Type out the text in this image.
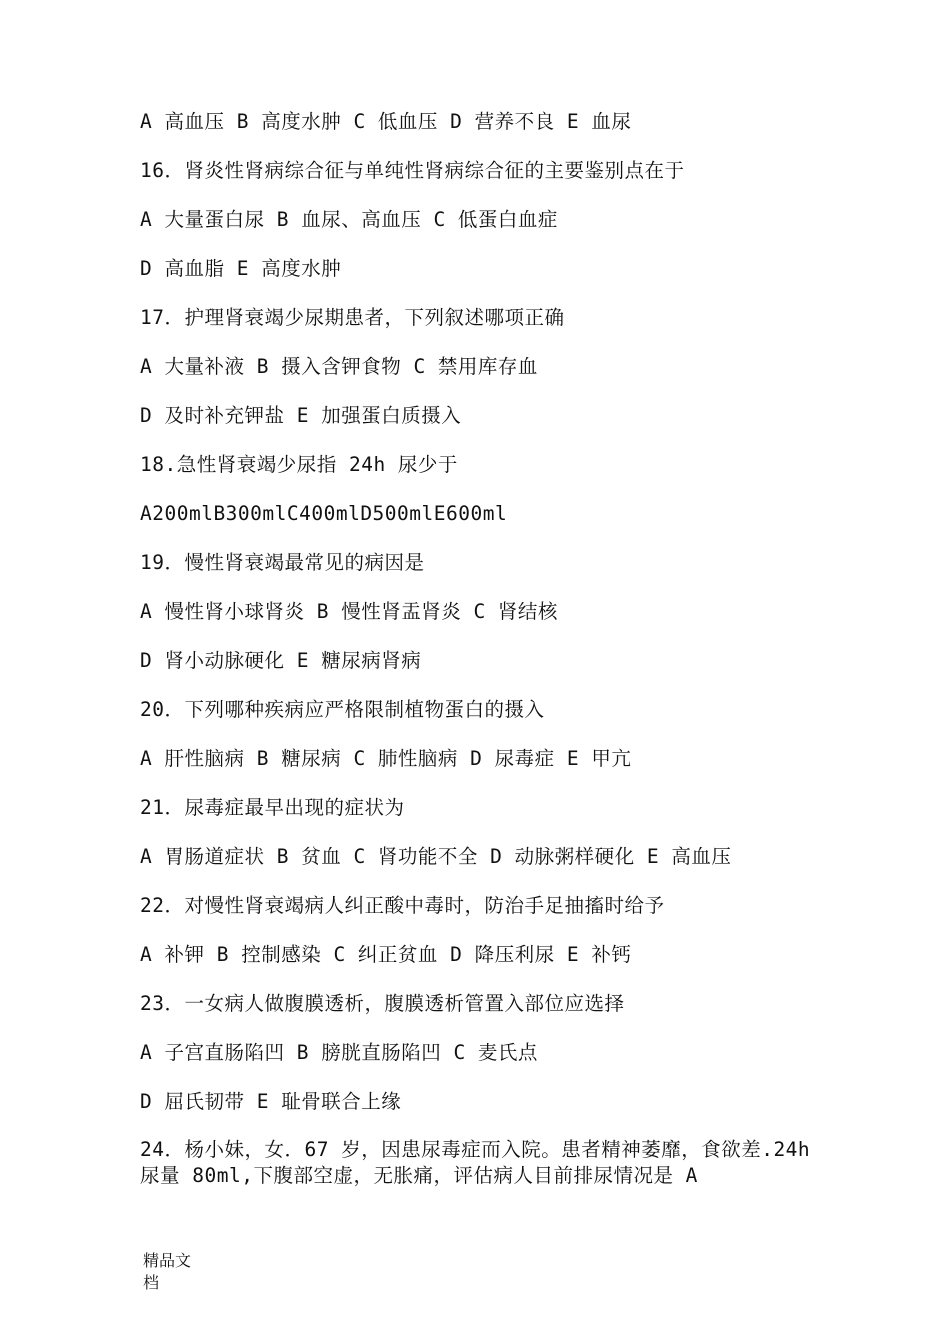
A 高血压 B 高度水肿 C 低血压 D 营养不良 E 血尿
16．肾炎性肾病综合征与单纯性肾病综合征的主要鉴别点在于
A 大量蛋白尿 B 血尿、高血压 C 低蛋白血症
D 高血脂 E 高度水肿
17．护理肾衰竭少尿期患者，下列叙述哪项正确
A 大量补液 B 摄入含钾食物 C 禁用库存血
D 及时补充钾盐 E 加强蛋白质摄入
18.急性肾衰竭少尿指 24h 尿少于
A200mlB300mlC400mlD500mlE600ml
19．慢性肾衰竭最常见的病因是
A 慢性肾小球肾炎 B 慢性肾盂肾炎 C 肾结核
D 肾小动脉硬化 E 糖尿病肾病
20．下列哪种疾病应严格限制植物蛋白的摄入
A 肝性脑病 B 糖尿病 C 肺性脑病 D 尿毒症 E 甲亢
21．尿毒症最早出现的症状为
A 胃肠道症状 B 贫血 C 肾功能不全 D 动脉粥样硬化 E 高血压
22．对慢性肾衰竭病人纠正酸中毒时，防治手足抽搐时给予
A 补钾 B 控制感染 C 纠正贫血 D 降压利尿 E 补钙
23．一女病人做腹膜透析，腹膜透析管置入部位应选择
A 子宫直肠陷凹 B 膀胱直肠陷凹 C 麦氏点
D 屈氏韧带 E 耻骨联合上缘
24．杨小妹，女．67 岁，因患尿毒症而入院。患者精神萎靡，食欲差.24h 尿量 80ml,下腹部空虚，无胀痛，评估病人目前排尿情况是 A
精品文档
